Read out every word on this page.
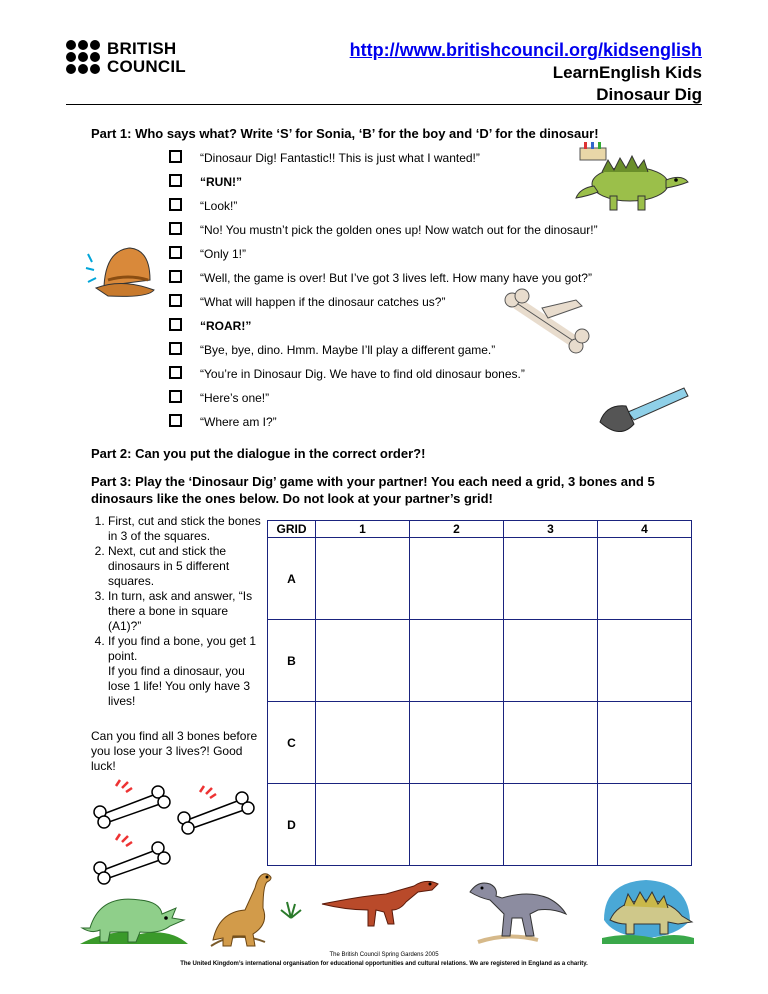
BRITISH
COUNCIL
http://www.britishcouncil.org/kidsenglish
LearnEnglish Kids
Dinosaur Dig
Part 1: Who says what? Write ‘S’ for Sonia, ‘B’ for the boy and ‘D’ for the dinosaur!
“Dinosaur Dig! Fantastic!! This is just what I wanted!”
“RUN!”
“Look!”
“No! You mustn’t pick the golden ones up! Now watch out for the dinosaur!”
“Only 1!”
“Well, the game is over! But I’ve got 3 lives left. How many have you got?”
“What will happen if the dinosaur catches us?”
“ROAR!”
“Bye, bye, dino. Hmm. Maybe I’ll play a different game.”
“You’re in Dinosaur Dig. We have to find old dinosaur bones.”
“Here’s one!”
“Where am I?”
Part 2: Can you put the dialogue in the correct order?!
Part 3: Play the ‘Dinosaur Dig’ game with your partner! You each need a grid, 3 bones and 5 dinosaurs like the ones below. Do not look at your partner’s grid!
1. First, cut and stick the bones in 3 of the squares.
2. Next, cut and stick the dinosaurs in 5 different squares.
3. In turn, ask and answer, “Is there a bone in square (A1)?”
4. If you find a bone, you get 1 point.
If you find a dinosaur, you lose 1 life! You only have 3 lives!
Can you find all 3 bones before you lose your 3 lives?! Good luck!
GRID	1	2	3	4
A				
B				
C				
D				
The British Council Spring Gardens 2005
The United Kingdom’s international organisation for educational opportunities and cultural relations. We are registered in England as a charity.
